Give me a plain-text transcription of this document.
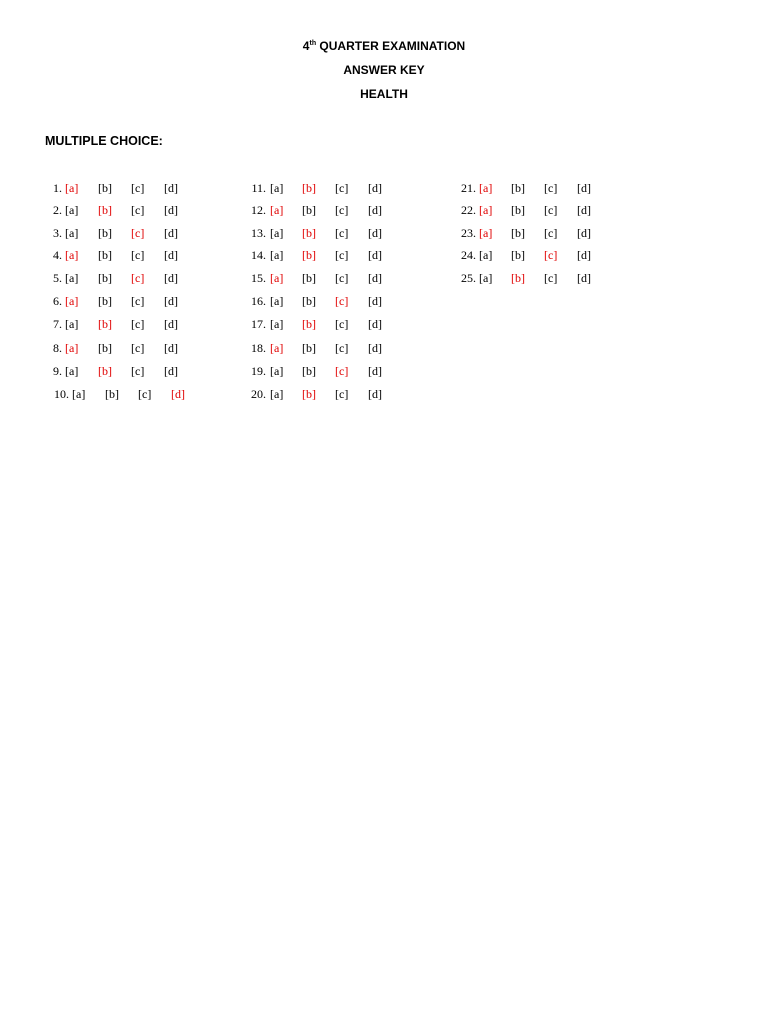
4th QUARTER EXAMINATION
ANSWER KEY
HEALTH
MULTIPLE CHOICE:
1. [a] [b] [c] [d]
2. [a] [b] [c] [d]
3. [a] [b] [c] [d]
4. [a] [b] [c] [d]
5. [a] [b] [c] [d]
6. [a] [b] [c] [d]
7. [a] [b] [c] [d]
8. [a] [b] [c] [d]
9. [a] [b] [c] [d]
10. [a] [b] [c] [d]
11. [a] [b] [c] [d]
12. [a] [b] [c] [d]
13. [a] [b] [c] [d]
14. [a] [b] [c] [d]
15. [a] [b] [c] [d]
16. [a] [b] [c] [d]
17. [a] [b] [c] [d]
18. [a] [b] [c] [d]
19. [a] [b] [c] [d]
20. [a] [b] [c] [d]
21. [a] [b] [c] [d]
22. [a] [b] [c] [d]
23. [a] [b] [c] [d]
24. [a] [b] [c] [d]
25. [a] [b] [c] [d]
